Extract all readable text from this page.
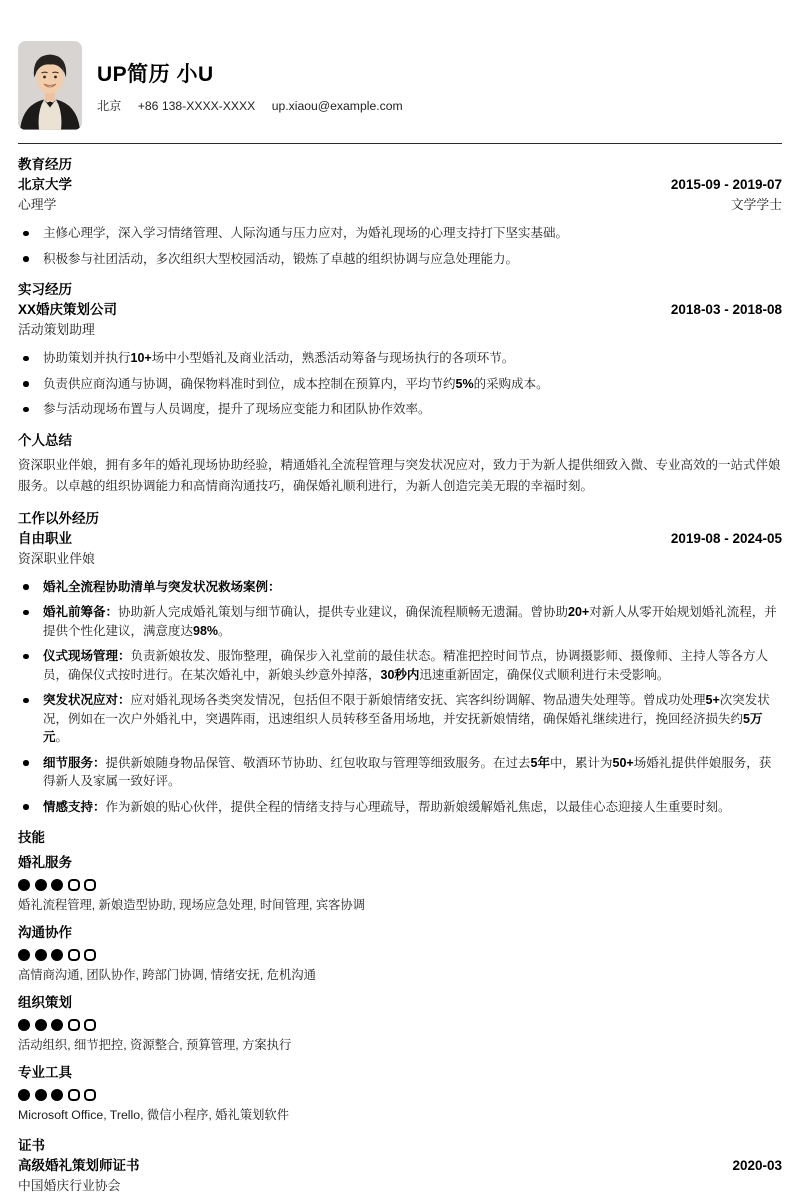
UP简历 小U
北京 +86 138-XXXX-XXXX up.xiaou@example.com
教育经历
北京大学	2015-09 - 2019-07
心理学	文学学士
主修心理学，深入学习情绪管理、人际沟通与压力应对，为婚礼现场的心理支持打下坚实基础。
积极参与社团活动，多次组织大型校园活动，锻炼了卓越的组织协调与应急处理能力。
实习经历
XX婚庆策划公司	2018-03 - 2018-08
活动策划助理
协助策划并执行10+场中小型婚礼及商业活动，熟悉活动筹备与现场执行的各项环节。
负责供应商沟通与协调，确保物料准时到位，成本控制在预算内，平均节约5%的采购成本。
参与活动现场布置与人员调度，提升了现场应变能力和团队协作效率。
个人总结

资深职业伴娘，拥有多年的婚礼现场协助经验，精通婚礼全流程管理与突发状况应对，致力于为新人提供细致入微、专业高效的一站式伴娘服务。以卓越的组织协调能力和高情商沟通技巧，确保婚礼顺利进行，为新人创造完美无瑕的幸福时刻。

工作以外经历
自由职业	2019-08 - 2024-05
资深职业伴娘
婚礼全流程协助清单与突发状况救场案例：
婚礼前筹备：协助新人完成婚礼策划与细节确认，提供专业建议，确保流程顺畅无遗漏。曾协助20+对新人从零开始规划婚礼流程，并提供个性化建议，满意度达98%。
仪式现场管理：负责新娘妆发、服饰整理，确保步入礼堂前的最佳状态。精准把控时间节点，协调摄影师、摄像师、主持人等各方人员，确保仪式按时进行。在某次婚礼中，新娘头纱意外掉落，30秒内迅速重新固定，确保仪式顺利进行未受影响。
突发状况应对：应对婚礼现场各类突发情况，包括但不限于新娘情绪安抚、宾客纠纷调解、物品遗失处理等。曾成功处理5+次突发状况，例如在一次户外婚礼中，突遇阵雨，迅速组织人员转移至备用场地，并安抚新娘情绪，确保婚礼继续进行，挽回经济损失约5万元。
细节服务：提供新娘随身物品保管、敬酒环节协助、红包收取与管理等细致服务。在过去5年中，累计为50+场婚礼提供伴娘服务，获得新人及家属一致好评。
情感支持：作为新娘的贴心伙伴，提供全程的情绪支持与心理疏导，帮助新娘缓解婚礼焦虑，以最佳心态迎接人生重要时刻。
技能
婚礼服务
婚礼流程管理, 新娘造型协助, 现场应急处理, 时间管理, 宾客协调
沟通协作
高情商沟通, 团队协作, 跨部门协调, 情绪安抚, 危机沟通
组织策划
活动组织, 细节把控, 资源整合, 预算管理, 方案执行
专业工具
Microsoft Office, Trello, 微信小程序, 婚礼策划软件
证书
高级婚礼策划师证书	2020-03
中国婚庆行业协会
